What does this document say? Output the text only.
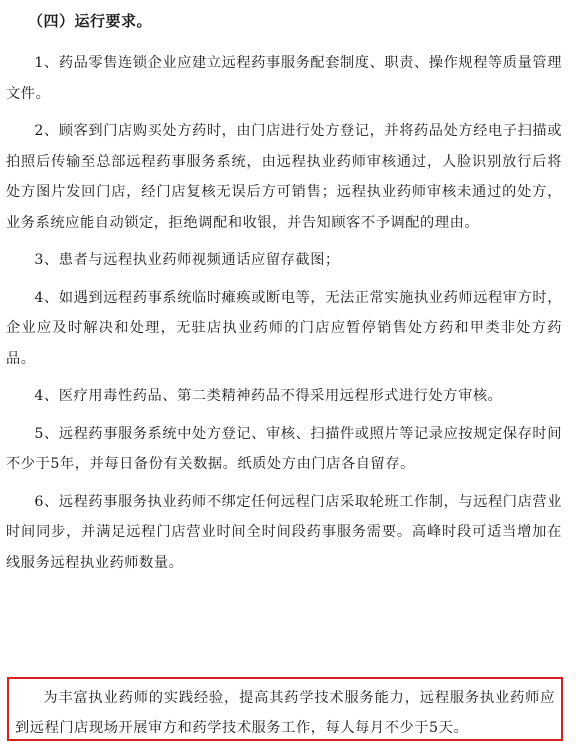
（四）运行要求。

1、药品零售连锁企业应建立远程药事服务配套制度、职责、操作规程等质量管理文件。

2、顾客到门店购买处方药时，由门店进行处方登记，并将药品处方经电子扫描或拍照后传输至总部远程药事服务系统，由远程执业药师审核通过，人脸识别放行后将处方图片发回门店，经门店复核无误后方可销售；远程执业药师审核未通过的处方，业务系统应能自动锁定，拒绝调配和收银，并告知顾客不予调配的理由。

3、患者与远程执业药师视频通话应留存截图；

4、如遇到远程药事系统临时瘫痪或断电等，无法正常实施执业药师远程审方时，企业应及时解决和处理，无驻店执业药师的门店应暂停销售处方药和甲类非处方药品。

4、医疗用毒性药品、第二类精神药品不得采用远程形式进行处方审核。

5、远程药事服务系统中处方登记、审核、扫描件或照片等记录应按规定保存时间不少于5年，并每日备份有关数据。纸质处方由门店各自留存。

6、远程药事服务执业药师不绑定任何远程门店采取轮班工作制，与远程门店营业时间同步，并满足远程门店营业时间全时间段药事服务需要。高峰时段可适当增加在线服务远程执业药师数量。

为丰富执业药师的实践经验，提高其药学技术服务能力，远程服务执业药师应到远程门店现场开展审方和药学技术服务工作，每人每月不少于5天。
